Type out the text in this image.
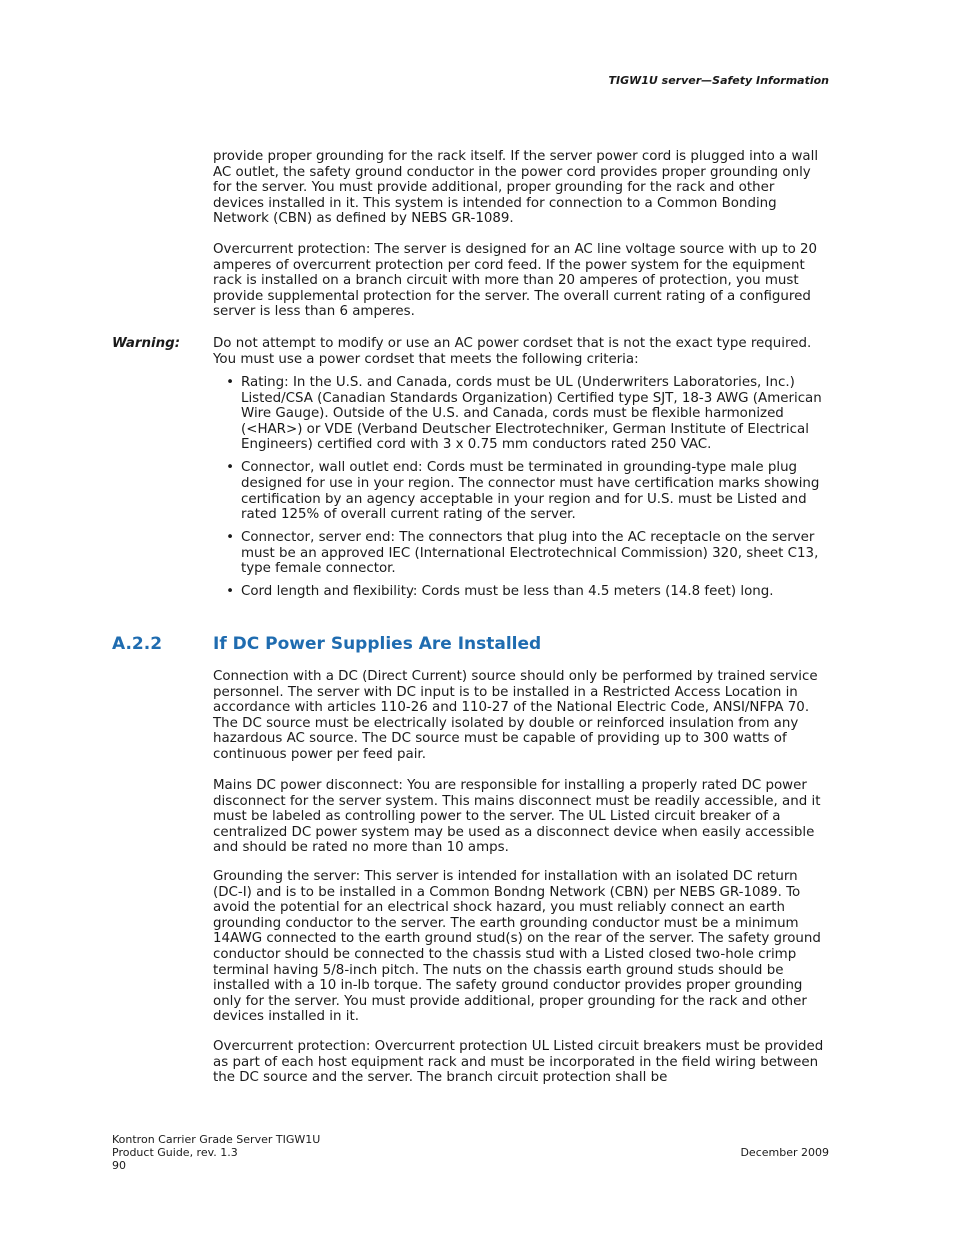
TIGW1U server—Safety Information

provide proper grounding for the rack itself. If the server power cord is plugged into a wall AC outlet, the safety ground conductor in the power cord provides proper grounding only for the server. You must provide additional, proper grounding for the rack and other devices installed in it. This system is intended for connection to a Common Bonding Network (CBN) as defined by NEBS GR-1089.

Overcurrent protection: The server is designed for an AC line voltage source with up to 20 amperes of overcurrent protection per cord feed. If the power system for the equipment rack is installed on a branch circuit with more than 20 amperes of protection, you must provide supplemental protection for the server. The overall current rating of a configured server is less than 6 amperes.

Warning: Do not attempt to modify or use an AC power cordset that is not the exact type required. You must use a power cordset that meets the following criteria:

• Rating: In the U.S. and Canada, cords must be UL (Underwriters Laboratories, Inc.) Listed/CSA (Canadian Standards Organization) Certified type SJT, 18-3 AWG (American Wire Gauge). Outside of the U.S. and Canada, cords must be flexible harmonized (<HAR>) or VDE (Verband Deutscher Electrotechniker, German Institute of Electrical Engineers) certified cord with 3 x 0.75 mm conductors rated 250 VAC.
• Connector, wall outlet end: Cords must be terminated in grounding-type male plug designed for use in your region. The connector must have certification marks showing certification by an agency acceptable in your region and for U.S. must be Listed and rated 125% of overall current rating of the server.
• Connector, server end: The connectors that plug into the AC receptacle on the server must be an approved IEC (International Electrotechnical Commission) 320, sheet C13, type female connector.
• Cord length and flexibility: Cords must be less than 4.5 meters (14.8 feet) long.
A.2.2	If DC Power Supplies Are Installed

Connection with a DC (Direct Current) source should only be performed by trained service personnel. The server with DC input is to be installed in a Restricted Access Location in accordance with articles 110-26 and 110-27 of the National Electric Code, ANSI/NFPA 70. The DC source must be electrically isolated by double or reinforced insulation from any hazardous AC source. The DC source must be capable of providing up to 300 watts of continuous power per feed pair.

Mains DC power disconnect: You are responsible for installing a properly rated DC power disconnect for the server system. This mains disconnect must be readily accessible, and it must be labeled as controlling power to the server. The UL Listed circuit breaker of a centralized DC power system may be used as a disconnect device when easily accessible and should be rated no more than 10 amps.

Grounding the server: This server is intended for installation with an isolated DC return (DC-I) and is to be installed in a Common Bondng Network (CBN) per NEBS GR-1089. To avoid the potential for an electrical shock hazard, you must reliably connect an earth grounding conductor to the server. The earth grounding conductor must be a minimum 14AWG connected to the earth ground stud(s) on the rear of the server. The safety ground conductor should be connected to the chassis stud with a Listed closed two-hole crimp terminal having 5/8-inch pitch. The nuts on the chassis earth ground studs should be installed with a 10 in-lb torque. The safety ground conductor provides proper grounding only for the server. You must provide additional, proper grounding for the rack and other devices installed in it.

Overcurrent protection: Overcurrent protection UL Listed circuit breakers must be provided as part of each host equipment rack and must be incorporated in the field wiring between the DC source and the server. The branch circuit protection shall be

Kontron Carrier Grade Server TIGW1U
Product Guide, rev. 1.3
90
December 2009
